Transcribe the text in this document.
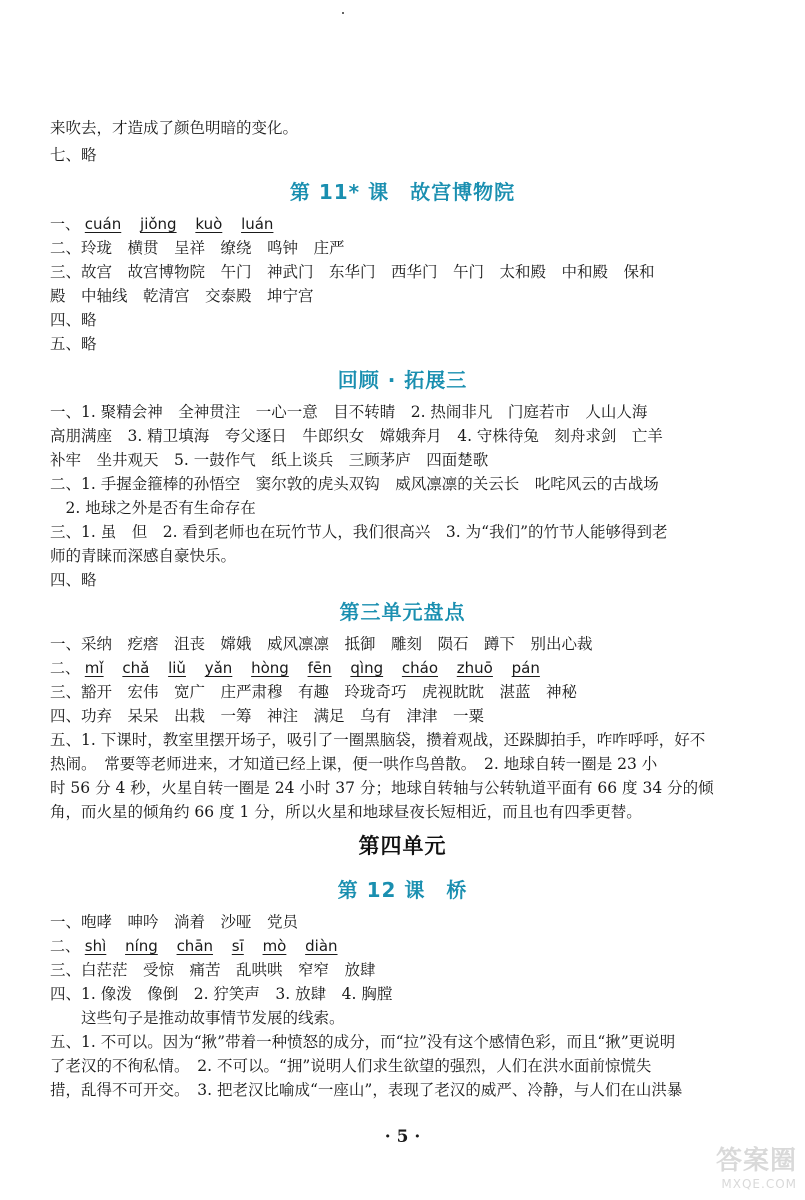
来吹去，才造成了颜色明暗的变化。
七、略
第 11* 课　故宫博物院
一、 cuán jiǒng kuò luán
二、玲珑　横贯　呈祥　缭绕　鸣钟　庄严
三、故宫　故宫博物院　午门　神武门　东华门　西华门　午门　太和殿　中和殿　保和
殿　中轴线　乾清宫　交泰殿　坤宁宫
四、略
五、略
回顾 · 拓展三
一、1. 聚精会神　全神贯注　一心一意　目不转睛　2. 热闹非凡　门庭若市　人山人海
高朋满座　3. 精卫填海　夸父逐日　牛郎织女　嫦娥奔月　4. 守株待兔　刻舟求剑　亡羊
补牢　坐井观天　5. 一鼓作气　纸上谈兵　三顾茅庐　四面楚歌
二、1. 手握金箍棒的孙悟空　窦尔敦的虎头双钩　威风凛凛的关云长　叱咤风云的古战场
　2. 地球之外是否有生命存在
三、1. 虽　但　2. 看到老师也在玩竹节人，我们很高兴　3. 为“我们”的竹节人能够得到老
师的青睐而深感自豪快乐。
四、略
第三单元盘点
一、采纳　疙瘩　沮丧　嫦娥　威风凛凛　抵御　雕刻　陨石　蹲下　别出心裁
二、 mǐ chǎ liǔ yǎn hòng fēn qìng cháo zhuō pán
三、豁开　宏伟　宽广　庄严肃穆　有趣　玲珑奇巧　虎视眈眈　湛蓝　神秘
四、功弃　呆呆　出栽　一筹　神注　满足　乌有　津津　一粟
五、1. 下课时，教室里摆开场子，吸引了一圈黑脑袋，攒着观战，还跺脚拍手，咋咋呼呼，好不
热闹。　常要等老师进来，才知道已经上课，便一哄作鸟兽散。　2. 地球自转一圈是 23 小
时 56 分 4 秒，火星自转一圈是 24 小时 37 分；地球自转轴与公转轨道平面有 66 度 34 分的倾
角，而火星的倾角约 66 度 1 分，所以火星和地球昼夜长短相近，而且也有四季更替。
第四单元
第 12 课　桥
一、咆哮　呻吟　淌着　沙哑　党员
二、 shì níng chān sī mò diàn
三、白茫茫　受惊　痛苦　乱哄哄　窄窄　放肆
四、1. 像泼　像倒　2. 狞笑声　3. 放肆　4. 胸膛
　　这些句子是推动故事情节发展的线索。
五、1. 不可以。因为“揪”带着一种愤怒的成分，而“拉”没有这个感情色彩，而且“揪”更说明
了老汉的不徇私情。　2. 不可以。“拥”说明人们求生欲望的强烈，人们在洪水面前惊慌失
措，乱得不可开交。　3. 把老汉比喻成“一座山”，表现了老汉的威严、冷静，与人们在山洪暴
· 5 ·
答案圈
MXQE.COM
